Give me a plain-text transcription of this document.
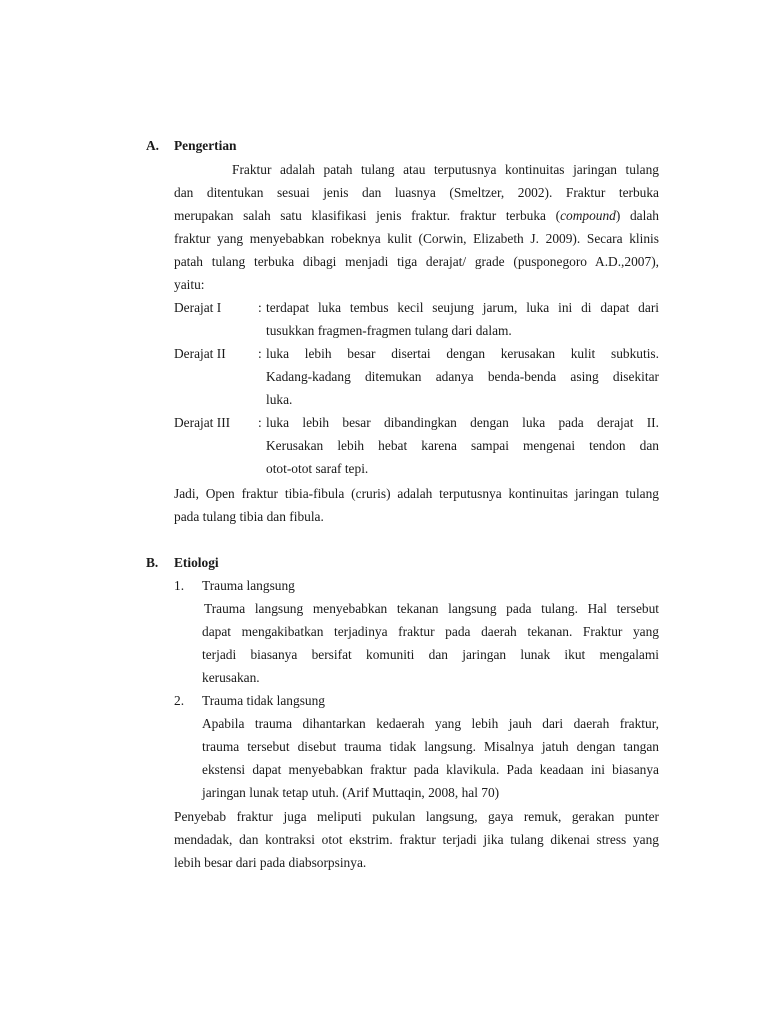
A. Pengertian
Fraktur adalah patah tulang atau terputusnya kontinuitas jaringan tulang
dan ditentukan sesuai jenis dan luasnya (Smeltzer, 2002). Fraktur terbuka
merupakan salah satu klasifikasi jenis fraktur. fraktur terbuka (compound) dalah
fraktur yang menyebabkan robeknya kulit (Corwin, Elizabeth J. 2009). Secara klinis
patah tulang terbuka dibagi menjadi tiga derajat/ grade (pusponegoro A.D.,2007),
yaitu:
Derajat I	: terdapat luka tembus kecil seujung jarum, luka ini di dapat dari
tusukkan fragmen-fragmen tulang dari dalam.
Derajat II : luka lebih besar disertai dengan kerusakan kulit subkutis.
Kadang-kadang ditemukan adanya benda-benda asing disekitar
luka.
Derajat III : luka lebih besar dibandingkan dengan luka pada derajat II.
Kerusakan lebih hebat karena sampai mengenai tendon dan
otot-otot saraf tepi.
Jadi, Open fraktur tibia-fibula (cruris) adalah terputusnya kontinuitas jaringan tulang
pada tulang tibia dan fibula.
B. Etiologi
1. Trauma langsung
Trauma langsung menyebabkan tekanan langsung pada tulang. Hal tersebut
dapat mengakibatkan terjadinya fraktur pada daerah tekanan. Fraktur yang
terjadi biasanya bersifat komuniti dan jaringan lunak ikut mengalami
kerusakan.
2. Trauma tidak langsung
Apabila trauma dihantarkan kedaerah yang lebih jauh dari daerah fraktur,
trauma tersebut disebut trauma tidak langsung. Misalnya jatuh dengan tangan
ekstensi dapat menyebabkan fraktur pada klavikula. Pada keadaan ini biasanya
jaringan lunak tetap utuh. (Arif Muttaqin, 2008, hal 70)
Penyebab fraktur juga meliputi pukulan langsung, gaya remuk, gerakan punter
mendadak, dan kontraksi otot ekstrim. fraktur terjadi jika tulang dikenai stress yang
lebih besar dari pada diabsorpsinya.
